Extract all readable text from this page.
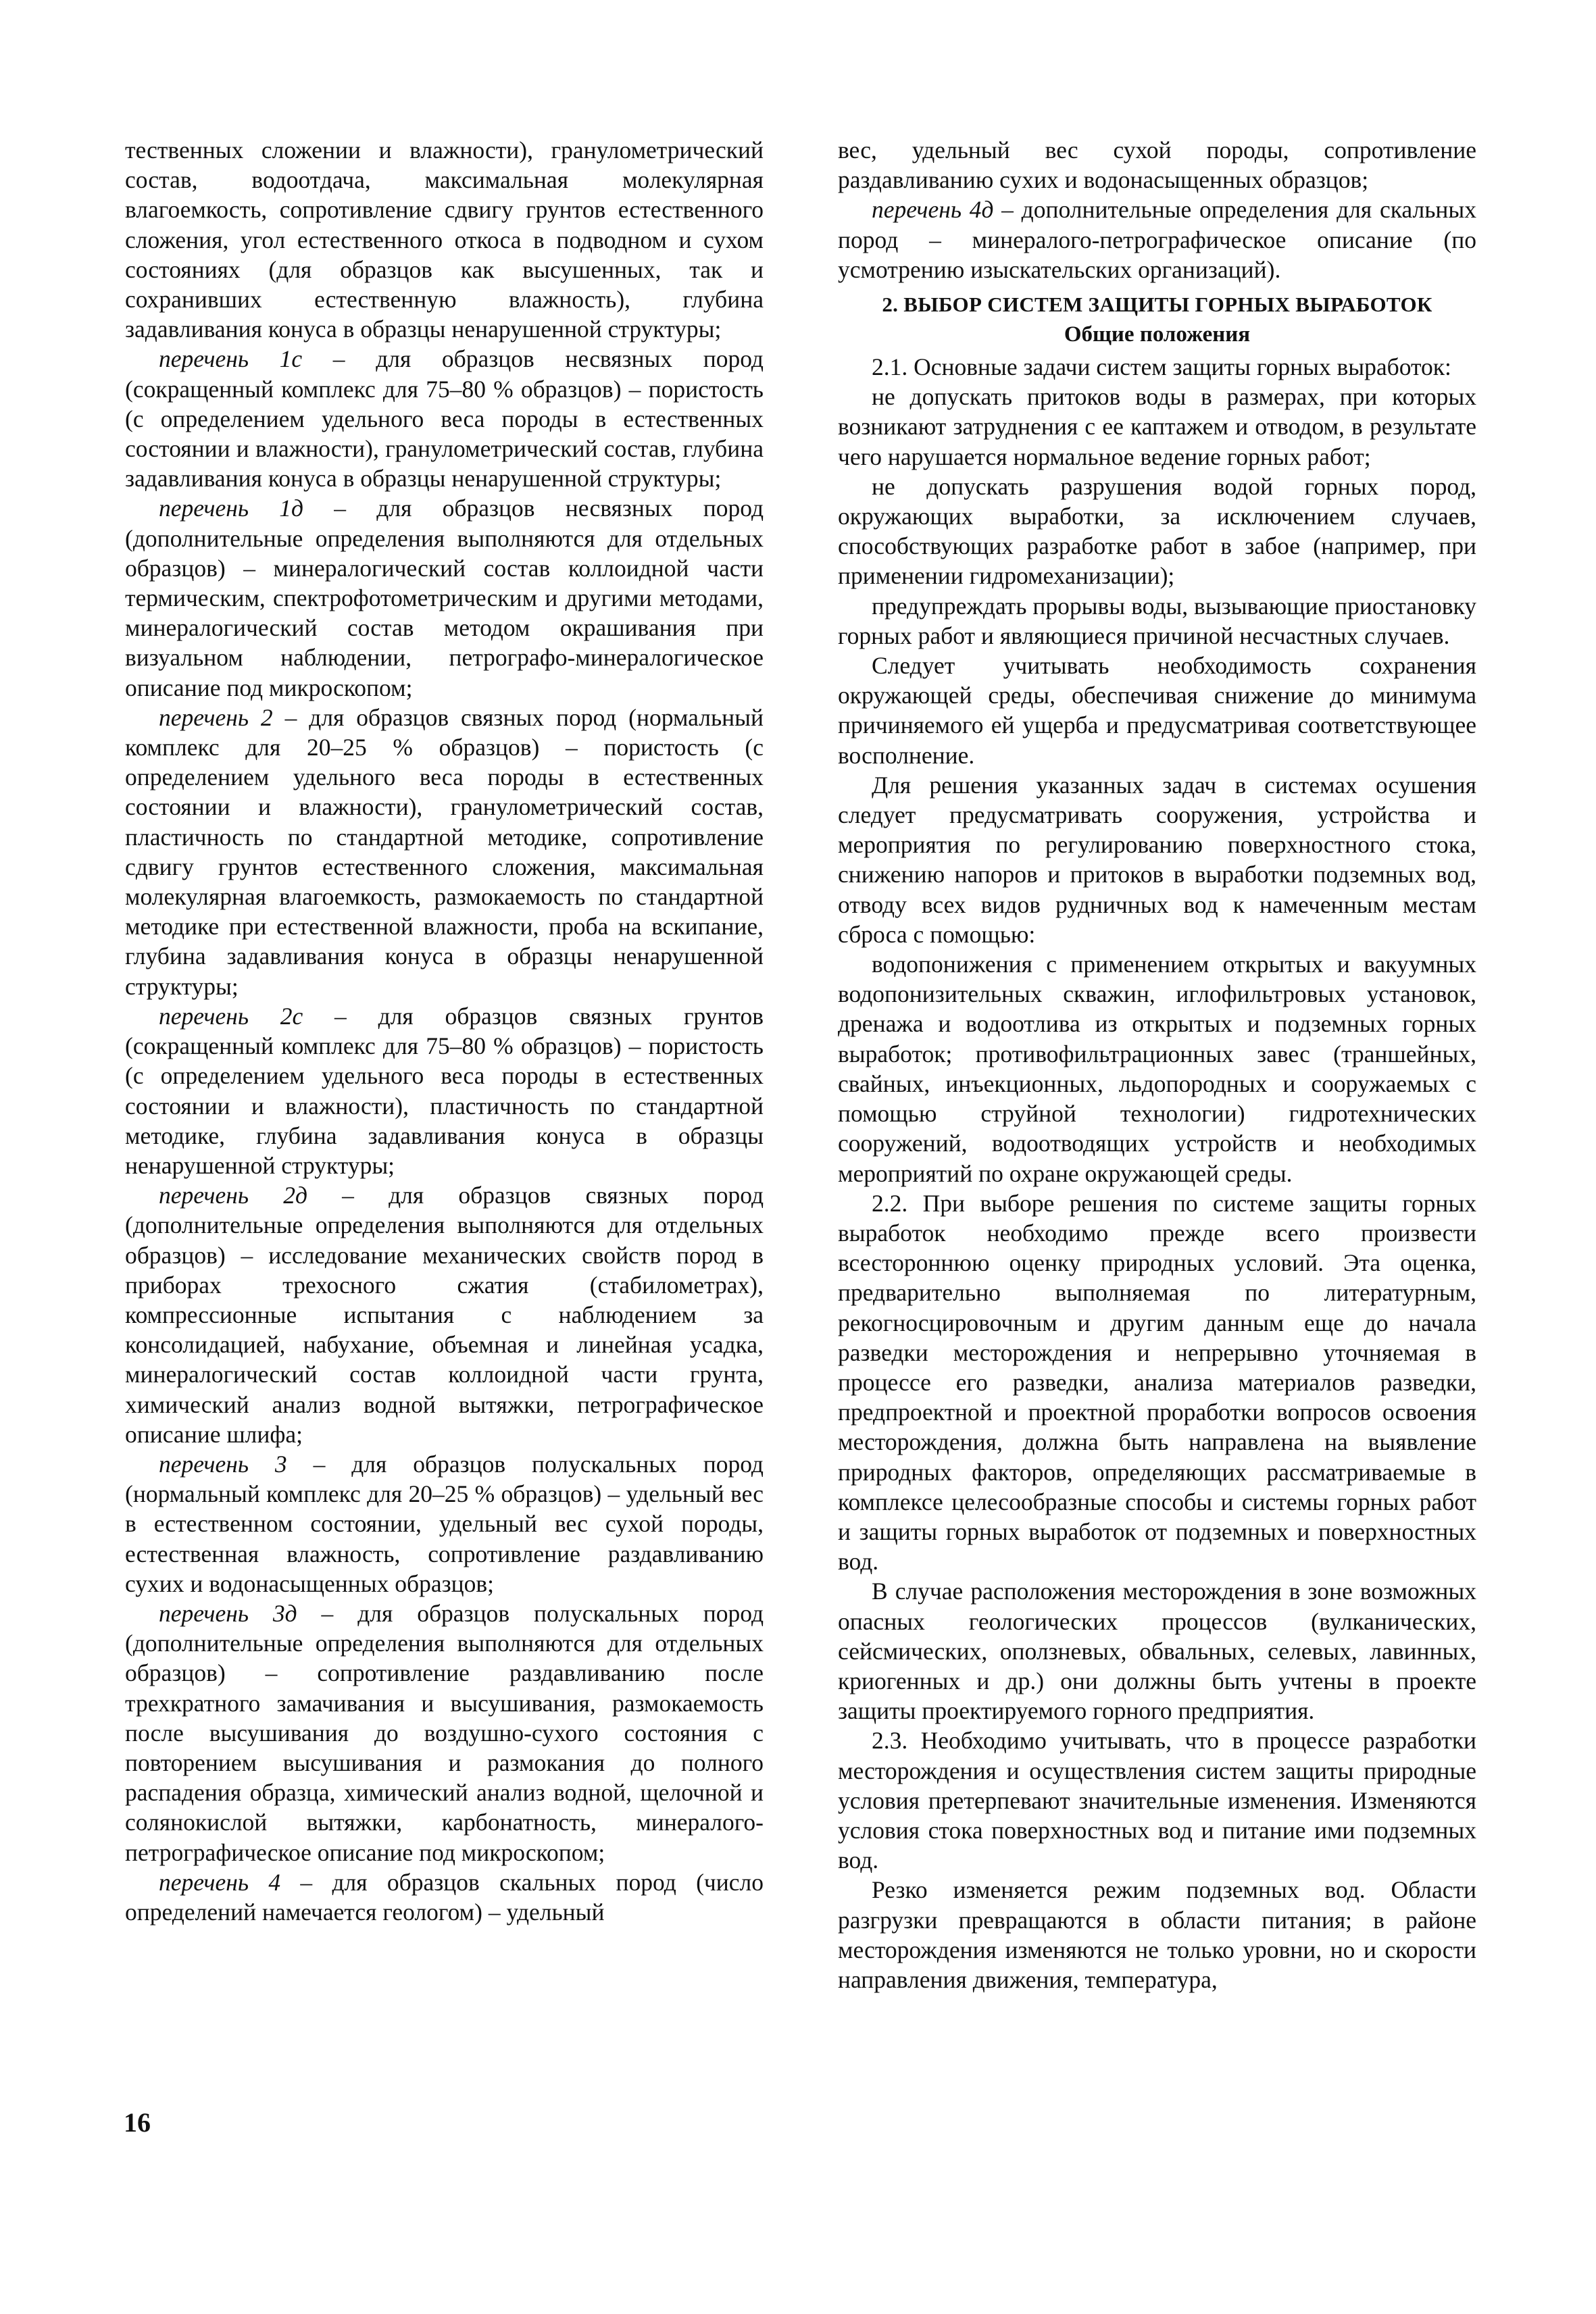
тественных сложении и влажности), гранулометрический состав, водоотдача, максимальная молекулярная влагоемкость, сопротивление сдвигу грунтов естественного сложения, угол естественного откоса в подводном и сухом состояниях (для образцов как высушенных, так и сохранивших естественную влажность), глубина задавливания конуса в образцы ненарушенной структуры;

перечень 1с – для образцов несвязных пород (сокращенный комплекс для 75–80 % образцов) – пористость (с определением удельного веса породы в естественных состоянии и влажности), гранулометрический состав, глубина задавливания конуса в образцы ненарушенной структуры;

перечень 1д – для образцов несвязных пород (дополнительные определения выполняются для отдельных образцов) – минералогический состав коллоидной части термическим, спектрофотометрическим и другими методами, минералогический состав методом окрашивания при визуальном наблюдении, петрографо-минералогическое описание под микроскопом;

перечень 2 – для образцов связных пород (нормальный комплекс для 20–25 % образцов) – пористость (с определением удельного веса породы в естественных состоянии и влажности), гранулометрический состав, пластичность по стандартной методике, сопротивление сдвигу грунтов естественного сложения, максимальная молекулярная влагоемкость, размокаемость по стандартной методике при естественной влажности, проба на вскипание, глубина задавливания конуса в образцы ненарушенной структуры;

перечень 2с – для образцов связных грунтов (сокращенный комплекс для 75–80 % образцов) – пористость (с определением удельного веса породы в естественных состоянии и влажности), пластичность по стандартной методике, глубина задавливания конуса в образцы ненарушенной структуры;

перечень 2д – для образцов связных пород (дополнительные определения выполняются для отдельных образцов) – исследование механических свойств пород в приборах трехосного сжатия (стабилометрах), компрессионные испытания с наблюдением за консолидацией, набухание, объемная и линейная усадка, минералогический состав коллоидной части грунта, химический анализ водной вытяжки, петрографическое описание шлифа;

перечень 3 – для образцов полускальных пород (нормальный комплекс для 20–25 % образцов) – удельный вес в естественном состоянии, удельный вес сухой породы, естественная влажность, сопротивление раздавливанию сухих и водонасыщенных образцов;

перечень 3д – для образцов полускальных пород (дополнительные определения выполняются для отдельных образцов) – сопротивление раздавливанию после трехкратного замачивания и высушивания, размокаемость после высушивания до воздушно-сухого состояния с повторением высушивания и размокания до полного распадения образца, химический анализ водной, щелочной и солянокислой вытяжки, карбонатность, минералого-петрографическое описание под микроскопом;

перечень 4 – для образцов скальных пород (число определений намечается геологом) – удельный

вес, удельный вес сухой породы, сопротивление раздавливанию сухих и водонасыщенных образцов;

перечень 4д – дополнительные определения для скальных пород – минералого-петрографическое описание (по усмотрению изыскательских организаций).

2. ВЫБОР СИСТЕМ ЗАЩИТЫ ГОРНЫХ ВЫРАБОТОК
Общие положения

2.1. Основные задачи систем защиты горных выработок:

не допускать притоков воды в размерах, при которых возникают затруднения с ее каптажем и отводом, в результате чего нарушается нормальное ведение горных работ;

не допускать разрушения водой горных пород, окружающих выработки, за исключением случаев, способствующих разработке работ в забое (например, при применении гидромеханизации);

предупреждать прорывы воды, вызывающие приостановку горных работ и являющиеся причиной несчастных случаев.

Следует учитывать необходимость сохранения окружающей среды, обеспечивая снижение до минимума причиняемого ей ущерба и предусматривая соответствующее восполнение.

Для решения указанных задач в системах осушения следует предусматривать сооружения, устройства и мероприятия по регулированию поверхностного стока, снижению напоров и притоков в выработки подземных вод, отводу всех видов рудничных вод к намеченным местам сброса с помощью:

водопонижения с применением открытых и вакуумных водопонизительных скважин, иглофильтровых установок, дренажа и водоотлива из открытых и подземных горных выработок; противофильтрационных завес (траншейных, свайных, инъекционных, льдопородных и сооружаемых с помощью струйной технологии) гидротехнических сооружений, водоотводящих устройств и необходимых мероприятий по охране окружающей среды.

2.2. При выборе решения по системе защиты горных выработок необходимо прежде всего произвести всестороннюю оценку природных условий. Эта оценка, предварительно выполняемая по литературным, рекогносцировочным и другим данным еще до начала разведки месторождения и непрерывно уточняемая в процессе его разведки, анализа материалов разведки, предпроектной и проектной проработки вопросов освоения месторождения, должна быть направлена на выявление природных факторов, определяющих рассматриваемые в комплексе целесообразные способы и системы горных работ и защиты горных выработок от подземных и поверхностных вод.

В случае расположения месторождения в зоне возможных опасных геологических процессов (вулканических, сейсмических, оползневых, обвальных, селевых, лавинных, криогенных и др.) они должны быть учтены в проекте защиты проектируемого горного предприятия.

2.3. Необходимо учитывать, что в процессе разработки месторождения и осуществления систем защиты природные условия претерпевают значительные изменения. Изменяются условия стока поверхностных вод и питание ими подземных вод.

Резко изменяется режим подземных вод. Области разгрузки превращаются в области питания; в районе месторождения изменяются не только уровни, но и скорости направления движения, температура,

16
